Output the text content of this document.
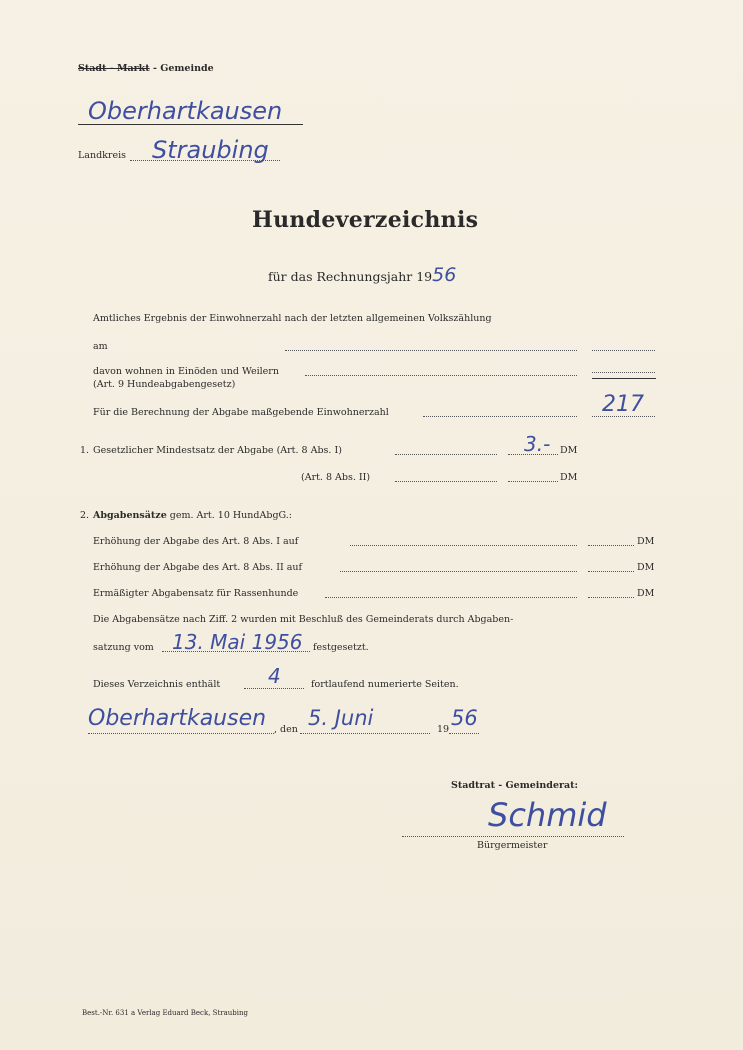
Stadt - Markt - Gemeinde
Oberhartkausen
Landkreis Straubing
Hundeverzeichnis
für das Rechnungsjahr 1956
Amtliches Ergebnis der Einwohnerzahl nach der letzten allgemeinen Volkszählung
am
davon wohnen in Einöden und Weilern
(Art. 9 Hundeabgabengesetz)
Für die Berechnung der Abgabe maßgebende Einwohnerzahl	217
1. Gesetzlicher Mindestsatz der Abgabe (Art. 8 Abs. I)	3.- DM
(Art. 8 Abs. II)	DM
2. Abgabensätze gem. Art. 10 HundAbgG.:
Erhöhung der Abgabe des Art. 8 Abs. I auf	DM
Erhöhung der Abgabe des Art. 8 Abs. II auf	DM
Ermäßigter Abgabensatz für Rassenhunde	DM
Die Abgabensätze nach Ziff. 2 wurden mit Beschluß des Gemeinderats durch Abgaben-
satzung vom 13. Mai 1956 festgesetzt.
Dieses Verzeichnis enthält 4	fortlaufend numerierte Seiten.
Oberhartkausen , den 5. Juni	19 56
Stadtrat - Gemeinderat:
Schmid
Bürgermeister
Best.-Nr. 631 a Verlag Eduard Beck, Straubing
